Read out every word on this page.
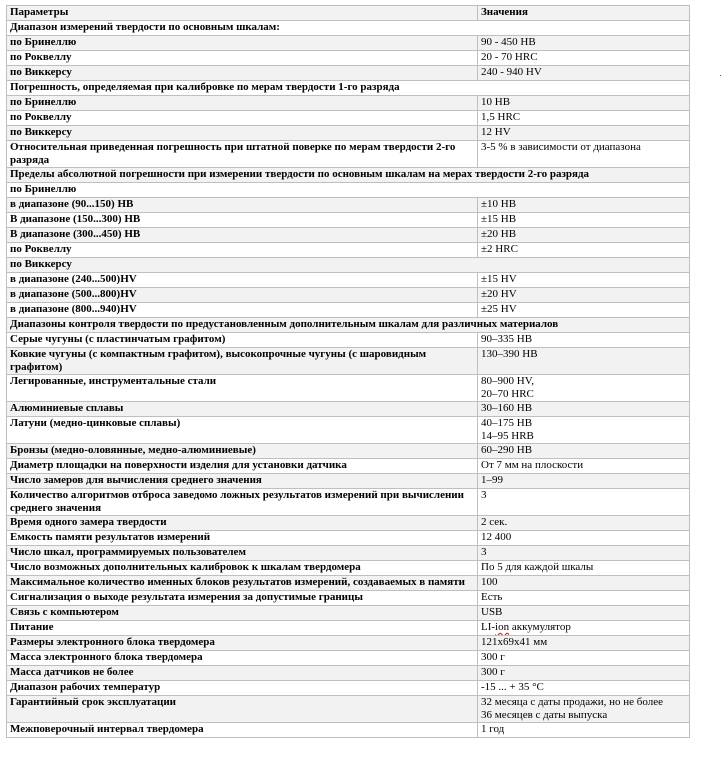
Параметры	Значения
Диапазон измерений твердости по основным шкалам:	
по Бринеллю	90 - 450 HB
по Роквеллу	20 - 70 HRC
по Виккерсу	240 - 940 HV
Погрешность, определяемая при калибровке по мерам твердости 1-го разряда	
по Бринеллю	10 HB
по Роквеллу	1,5 HRC
по Виккерсу	12 HV
Относительная приведенная погрешность при штатной поверке по мерам твердости 2-го разряда	3-5 % в зависимости от диапазона
Пределы абсолютной погрешности при измерении твердости по основным шкалам на мерах твердости 2-го разряда	
по Бринеллю	
в диапазоне (90...150) HB	±10 HB
В диапазоне (150...300) HB	±15 HB
В диапазоне (300...450) HB	±20 HB
по Роквеллу	±2 HRC
по Виккерсу	
в диапазоне (240...500)HV	±15 HV
в диапазоне (500...800)HV	±20 HV
в диапазоне (800...940)HV	±25 HV
Диапазоны контроля твердости по предустановленным дополнительным шкалам для различных материалов	
Серые чугуны (с пластинчатым графитом)	90–335 HB
Ковкие чугуны (с компактным графитом), высокопрочные чугуны (с шаровидным графитом)	130–390 HB
Легированные, инструментальные стали	80–900 HV,
20–70 HRC

Алюминиевые сплавы	30–160 HB
Латуни (медно-цинковые сплавы)	40–175 HB
14–95 HRB

Бронзы (медно-оловянные, медно-алюминиевые)	60–290 HB
Диаметр площадки на поверхности изделия для установки датчика	От 7 мм на плоскости
Число замеров для вычисления среднего значения	1–99
Количество алгоритмов отброса заведомо ложных результатов измерений при вычислении среднего значения	3
Время одного замера твердости	2 сек.
Емкость памяти результатов измерений	12 400
Число шкал, программируемых пользователем	3
Число возможных дополнительных калибровок к шкалам твердомера	По 5 для каждой шкалы
Максимальное количество именных блоков результатов измерений, создаваемых в памяти	100
Сигнализация о выходе результата измерения за допустимые границы	Есть
Связь с компьютером	USB
Питание	LI-ion аккумулятор
Размеры электронного блока твердомера	121x69x41 мм
Масса электронного блока твердомера	300 г
Масса датчиков не более	300 г
Диапазон рабочих температур	-15 ... + 35 °С
Гарантийный срок эксплуатации	32 месяца с даты продажи, но не более
36 месяцев с даты выпуска

Межповерочный интервал твердомера	1 год
·
